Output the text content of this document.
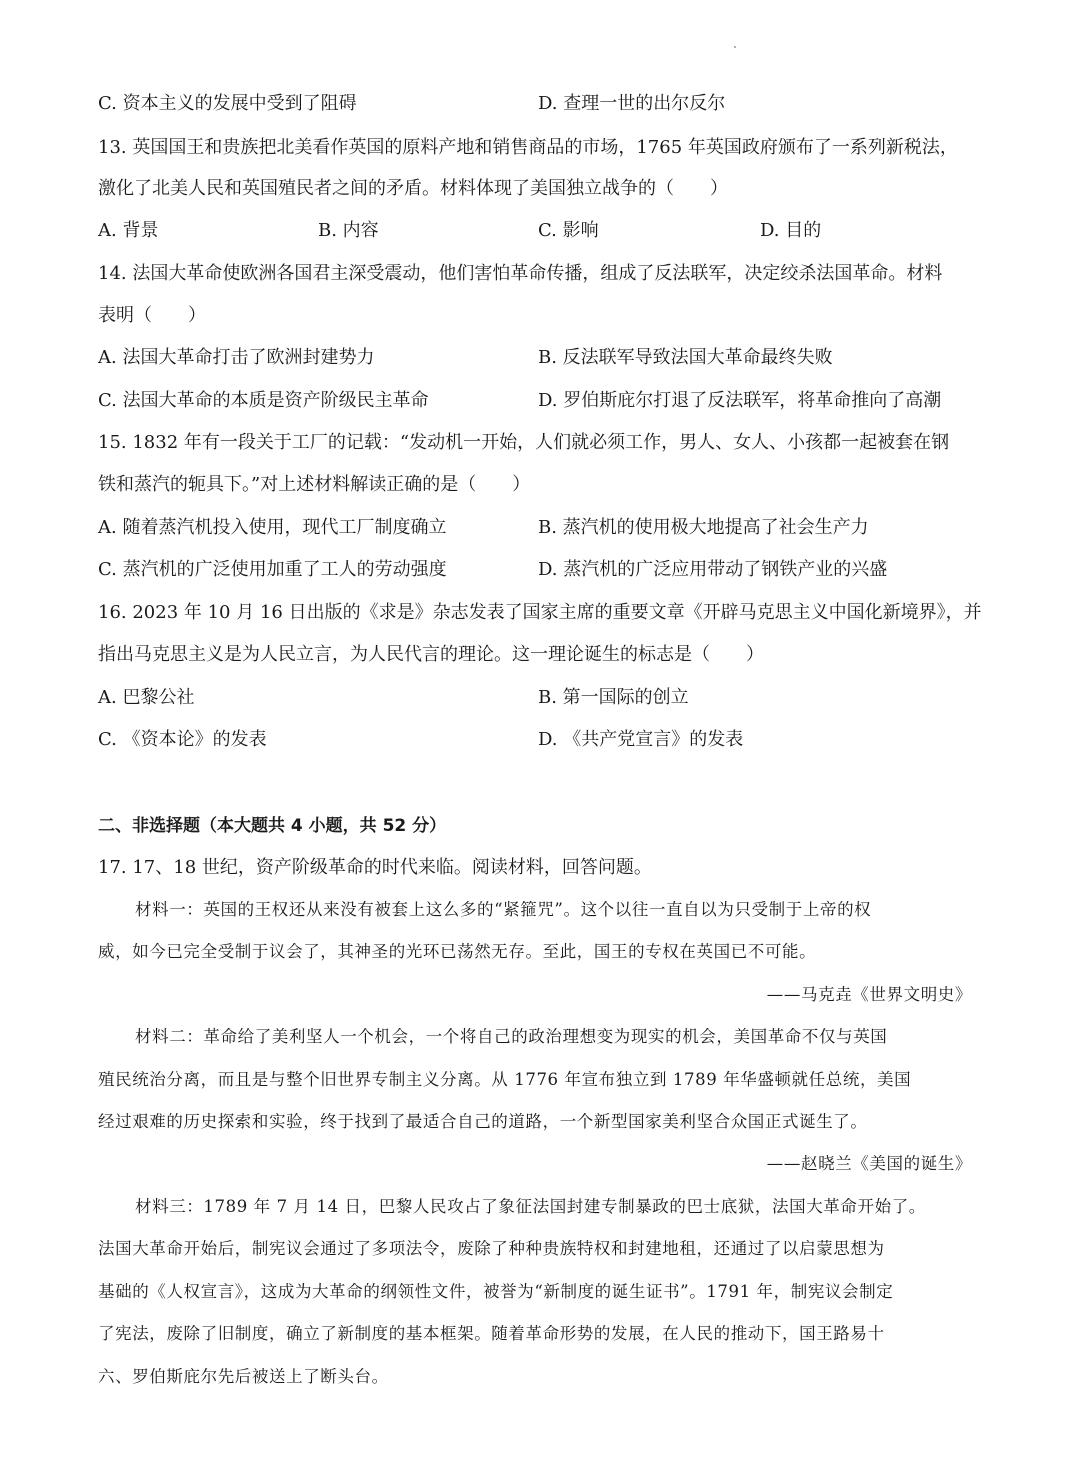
C. 资本主义的发展中受到了阻碍	D. 查理一世的出尔反尔
13. 英国国王和贵族把北美看作英国的原料产地和销售商品的市场，1765 年英国政府颁布了一系列新税法，
激化了北美人民和英国殖民者之间的矛盾。材料体现了美国独立战争的（　　）
A. 背景	B. 内容	C. 影响	D. 目的
14. 法国大革命使欧洲各国君主深受震动，他们害怕革命传播，组成了反法联军，决定绞杀法国革命。材料
表明（　　）
A. 法国大革命打击了欧洲封建势力	B. 反法联军导致法国大革命最终失败
C. 法国大革命的本质是资产阶级民主革命	D. 罗伯斯庇尔打退了反法联军，将革命推向了高潮
15. 1832 年有一段关于工厂的记载：“发动机一开始，人们就必须工作，男人、女人、小孩都一起被套在钢
铁和蒸汽的轭具下。”对上述材料解读正确的是（　　）
A. 随着蒸汽机投入使用，现代工厂制度确立	B. 蒸汽机的使用极大地提高了社会生产力
C. 蒸汽机的广泛使用加重了工人的劳动强度	D. 蒸汽机的广泛应用带动了钢铁产业的兴盛
16. 2023 年 10 月 16 日出版的《求是》杂志发表了国家主席的重要文章《开辟马克思主义中国化新境界》，并
指出马克思主义是为人民立言，为人民代言的理论。这一理论诞生的标志是（　　）
A. 巴黎公社	B. 第一国际的创立
C. 《资本论》的发表	D. 《共产党宣言》的发表
二、非选择题（本大题共 4 小题，共 52 分）
17. 17、18 世纪，资产阶级革命的时代来临。阅读材料，回答问题。
材料一：英国的王权还从来没有被套上这么多的“紧箍咒”。这个以往一直自以为只受制于上帝的权
威，如今已完全受制于议会了，其神圣的光环已荡然无存。至此，国王的专权在英国已不可能。
——马克垚《世界文明史》
材料二：革命给了美利坚人一个机会，一个将自己的政治理想变为现实的机会，美国革命不仅与英国
殖民统治分离，而且是与整个旧世界专制主义分离。从 1776 年宣布独立到 1789 年华盛顿就任总统，美国
经过艰难的历史探索和实验，终于找到了最适合自己的道路，一个新型国家美利坚合众国正式诞生了。
——赵晓兰《美国的诞生》
材料三：1789 年 7 月 14 日，巴黎人民攻占了象征法国封建专制暴政的巴士底狱，法国大革命开始了。
法国大革命开始后，制宪议会通过了多项法令，废除了种种贵族特权和封建地租，还通过了以启蒙思想为
基础的《人权宣言》，这成为大革命的纲领性文件，被誉为“新制度的诞生证书”。1791 年，制宪议会制定
了宪法，废除了旧制度，确立了新制度的基本框架。随着革命形势的发展，在人民的推动下，国王路易十
六、罗伯斯庇尔先后被送上了断头台。
